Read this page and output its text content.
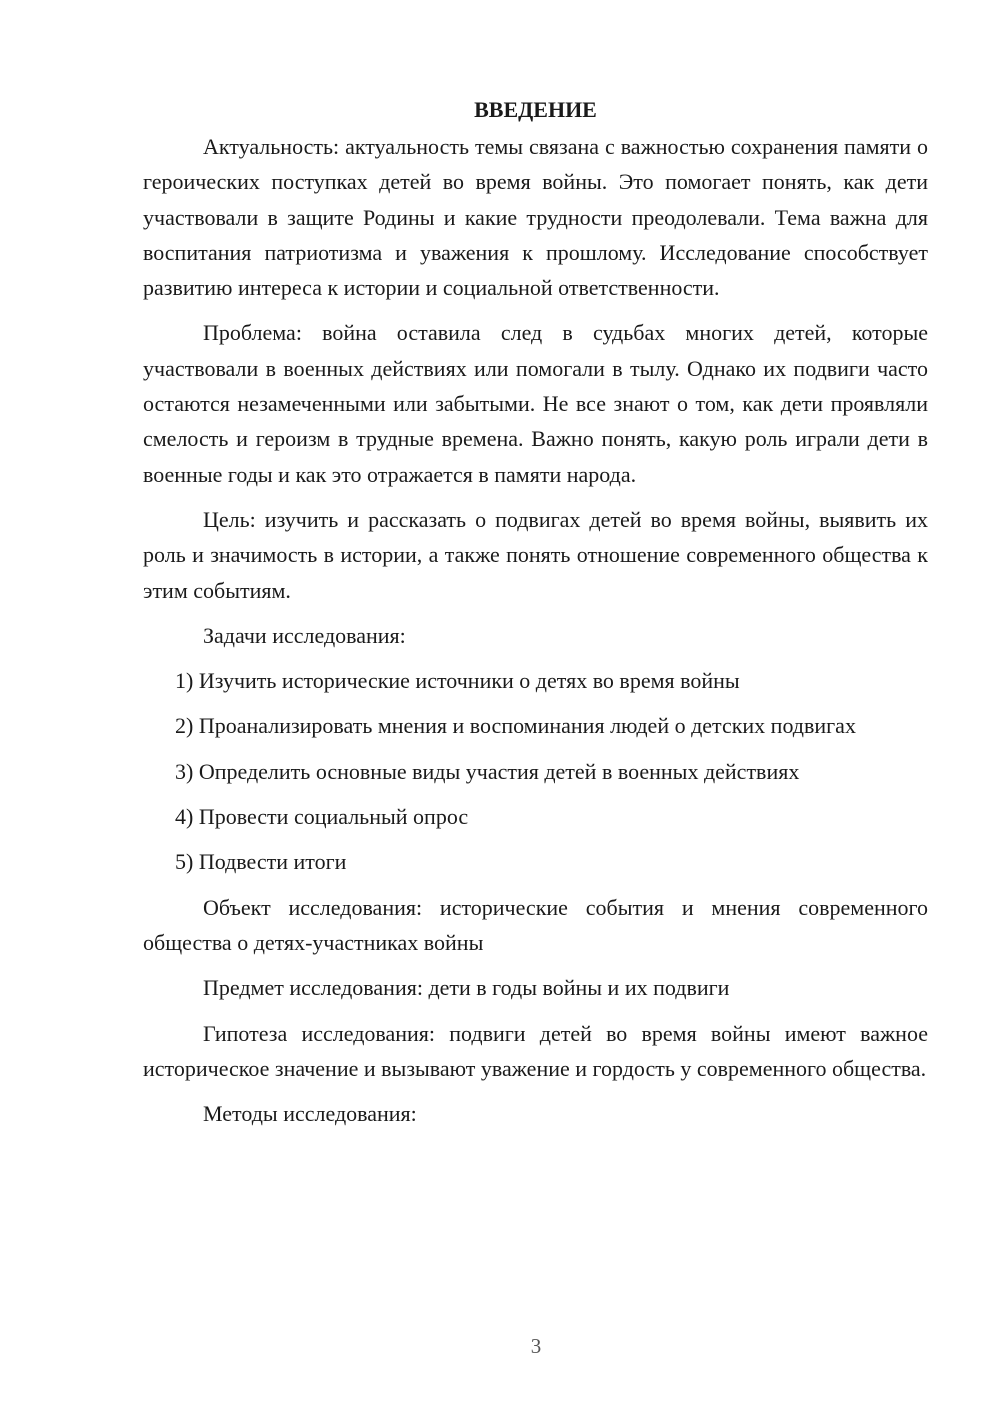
ВВЕДЕНИЕ

Актуальность: актуальность темы связана с важностью сохранения памяти о героических поступках детей во время войны. Это помогает понять, как дети участвовали в защите Родины и какие трудности преодолевали. Тема важна для воспитания патриотизма и уважения к прошлому. Исследование способствует развитию интереса к истории и социальной ответственности.

Проблема: война оставила след в судьбах многих детей, которые участвовали в военных действиях или помогали в тылу. Однако их подвиги часто остаются незамеченными или забытыми. Не все знают о том, как дети проявляли смелость и героизм в трудные времена. Важно понять, какую роль играли дети в военные годы и как это отражается в памяти народа.

Цель: изучить и рассказать о подвигах детей во время войны, выявить их роль и значимость в истории, а также понять отношение современного общества к этим событиям.

Задачи исследования:

1) Изучить исторические источники о детях во время войны

2) Проанализировать мнения и воспоминания людей о детских подвигах

3) Определить основные виды участия детей в военных действиях

4) Провести социальный опрос

5) Подвести итоги

Объект исследования: исторические события и мнения современного общества о детях-участниках войны

Предмет исследования: дети в годы войны и их подвиги

Гипотеза исследования: подвиги детей во время войны имеют важное историческое значение и вызывают уважение и гордость у современного общества.

Методы исследования:

3
